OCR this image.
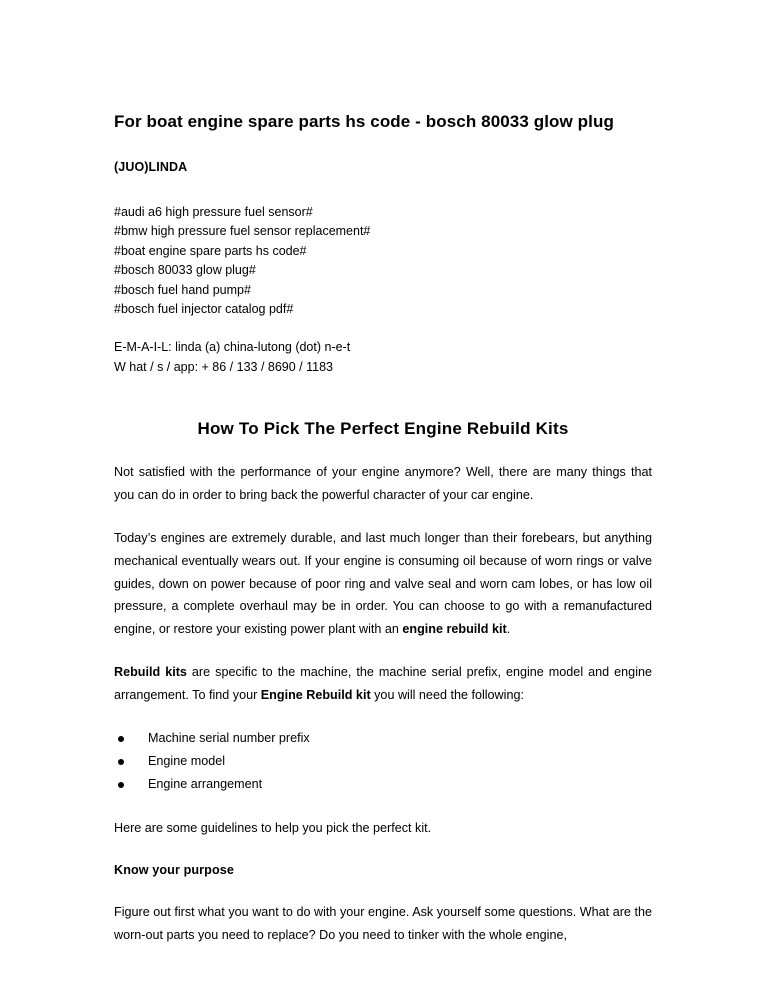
For boat engine spare parts hs code - bosch 80033 glow plug
(JUO)LINDA
#audi a6 high pressure fuel sensor#
#bmw high pressure fuel sensor replacement#
#boat engine spare parts hs code#
#bosch 80033 glow plug#
#bosch fuel hand pump#
#bosch fuel injector catalog pdf#
E-M-A-I-L: linda (a) china-lutong (dot) n-e-t
W hat / s / app: + 86 / 133 / 8690 / 1183
How To Pick The Perfect Engine Rebuild Kits

Not satisfied with the performance of your engine anymore? Well, there are many things that you can do in order to bring back the powerful character of your car engine.

Today’s engines are extremely durable, and last much longer than their forebears, but anything mechanical eventually wears out. If your engine is consuming oil because of worn rings or valve guides, down on power because of poor ring and valve seal and worn cam lobes, or has low oil pressure, a complete overhaul may be in order. You can choose to go with a remanufactured engine, or restore your existing power plant with an engine rebuild kit.

Rebuild kits are specific to the machine, the machine serial prefix, engine model and engine arrangement. To find your Engine Rebuild kit you will need the following:

Machine serial number prefix
Engine model
Engine arrangement

Here are some guidelines to help you pick the perfect kit.

Know your purpose

Figure out first what you want to do with your engine. Ask yourself some questions. What are the worn-out parts you need to replace? Do you need to tinker with the whole engine,
